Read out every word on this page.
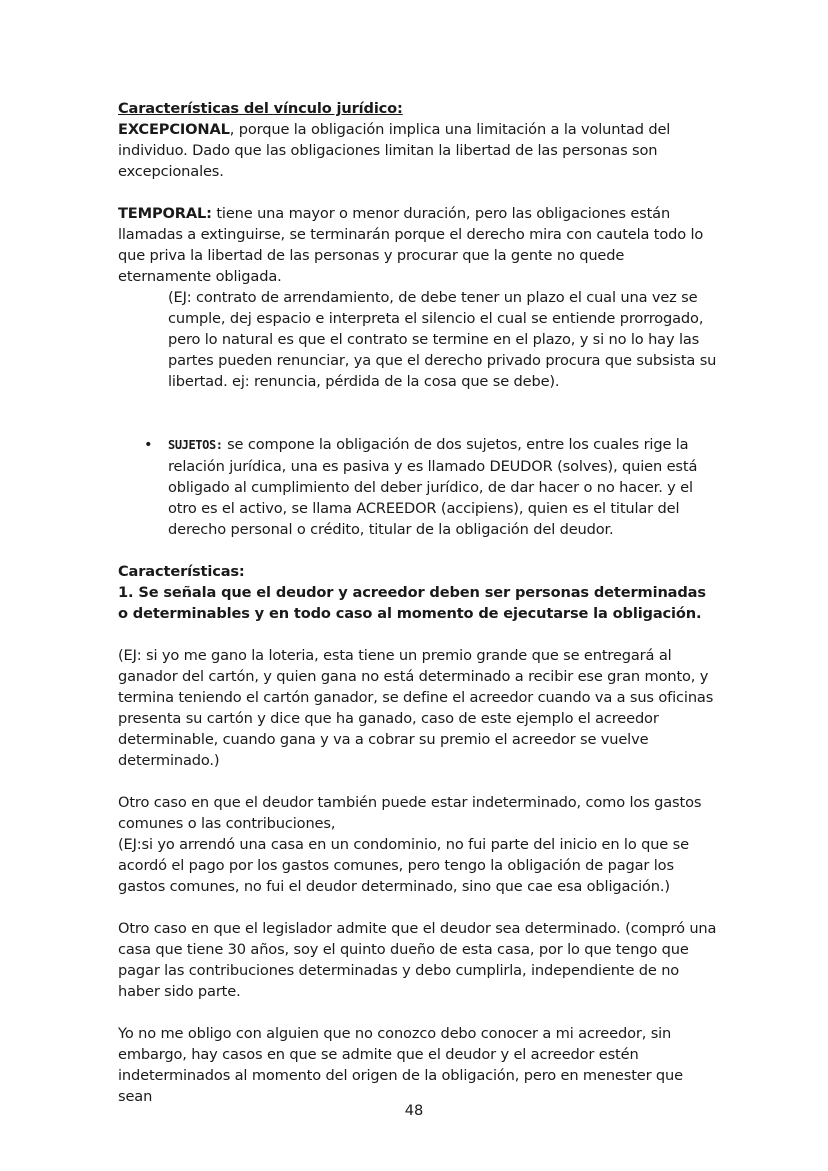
Características del vínculo jurídico:

EXCEPCIONAL, porque la obligación implica una limitación a la voluntad del individuo. Dado que las obligaciones limitan la libertad de las personas son excepcionales.

TEMPORAL: tiene una mayor o menor duración, pero las obligaciones están llamadas a extinguirse, se terminarán porque el derecho mira con cautela todo lo que priva la libertad de las personas y procurar que la gente no quede eternamente obligada.

(EJ: contrato de arrendamiento, de debe tener un plazo el cual una vez se cumple, dej espacio e interpreta el silencio el cual se entiende prorrogado, pero lo natural es que el contrato se termine en el plazo, y si no lo hay las partes pueden renunciar, ya que el derecho privado procura que subsista su libertad. ej: renuncia, pérdida de la cosa que se debe).

• SUJETOS: se compone la obligación de dos sujetos, entre los cuales rige la relación jurídica, una es pasiva y es llamado DEUDOR (solves), quien está obligado al cumplimiento del deber jurídico, de dar hacer o no hacer. y el otro es el activo, se llama ACREEDOR (accipiens), quien es el titular del derecho personal o crédito, titular de la obligación del deudor.

Características:

1. Se señala que el deudor y acreedor deben ser personas determinadas o determinables y en todo caso al momento de ejecutarse la obligación.

(EJ: si yo me gano la loteria, esta tiene un premio grande que se entregará al ganador del cartón, y quien gana no está determinado a recibir ese gran monto, y termina teniendo el cartón ganador, se define el acreedor cuando va a sus oficinas presenta su cartón y dice que ha ganado, caso de este ejemplo el acreedor determinable, cuando gana y va a cobrar su premio el acreedor se vuelve determinado.)

Otro caso en que el deudor también puede estar indeterminado, como los gastos comunes o las contribuciones,

(EJ:si yo arrendó una casa en un condominio, no fui parte del inicio en lo que se acordó el pago por los gastos comunes, pero tengo la obligación de pagar los gastos comunes, no fui el deudor determinado, sino que cae esa obligación.)

Otro caso en que el legislador admite que el deudor sea determinado. (compró una casa que tiene 30 años, soy el quinto dueño de esta casa, por lo que tengo que pagar las contribuciones determinadas y debo cumplirla, independiente de no haber sido parte.

Yo no me obligo con alguien que no conozco debo conocer a mi acreedor, sin embargo, hay casos en que se admite que el deudor y el acreedor estén indeterminados al momento del origen de la obligación, pero en menester que sean

48
